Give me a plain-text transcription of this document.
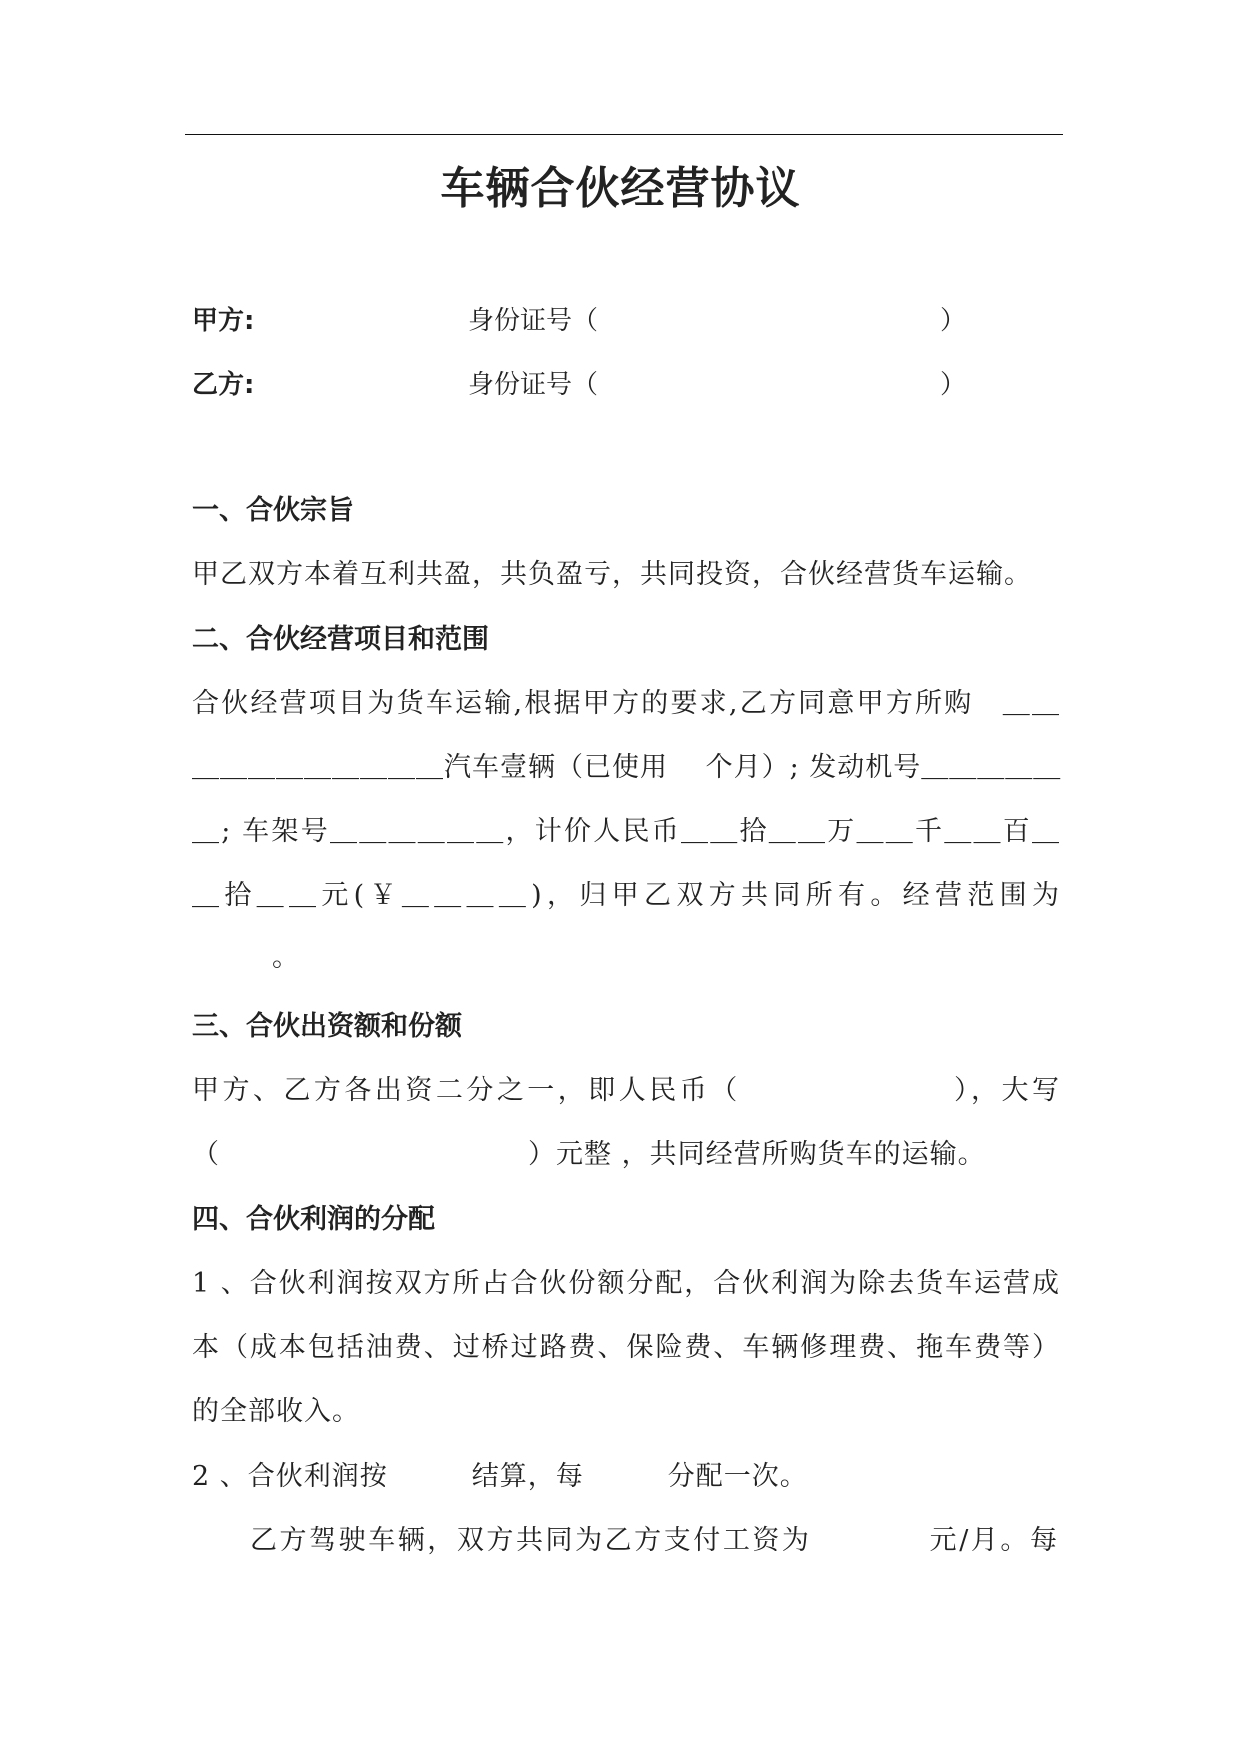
车辆合伙经营协议
甲方:	身份证号（	）
乙方:	身份证号（	）
一、合伙宗旨
甲乙双方本着互利共盈，共负盈亏，共同投资，合伙经营货车运输。
二、合伙经营项目和范围
合伙经营项目为货车运输,根据甲方的要求,乙方同意甲方所购　＿＿
＿＿＿＿＿＿＿＿＿汽车壹辆（已使用　 个月）; 发动机号＿＿＿＿＿
＿; 车架号＿＿＿＿＿＿，计价人民币＿＿拾＿＿万＿＿千＿＿百＿
＿拾＿＿元(￥＿＿＿＿)，归甲乙双方共同所有。经营范围为
。
三、合伙出资额和份额
甲方、乙方各出资二分之一，即人民币（　　　　　　　），大写
（　　　　　　　　　　　）元整 ，共同经营所购货车的运输。
四、合伙利润的分配
1 、合伙利润按双方所占合伙份额分配，合伙利润为除去货车运营成
本（成本包括油费、过桥过路费、保险费、车辆修理费、拖车费等）
的全部收入。
2 、合伙利润按　　　结算，每　　　分配一次。
乙方驾驶车辆，双方共同为乙方支付工资为　　　　元/月。每
